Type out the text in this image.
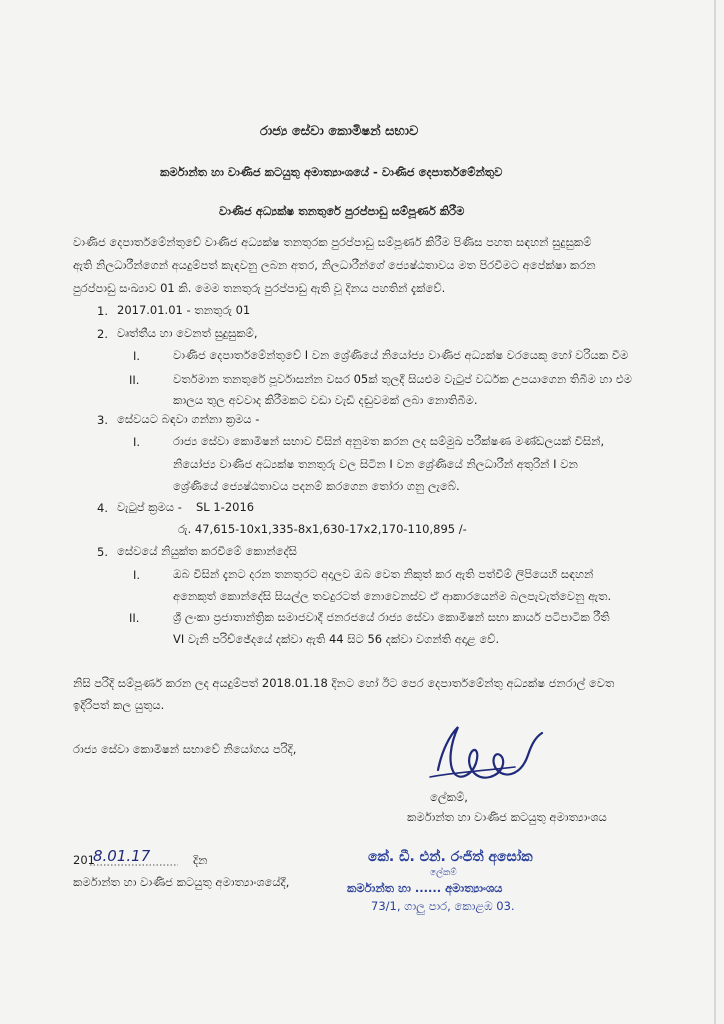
රාජ්‍ය සේවා කොමිෂන් සභාව
කර්මාන්ත හා වාණිජ කටයුතු අමාත්‍යාංශයේ - වාණිජ දෙපාර්තමේන්තුව
වාණිජ අධ්‍යක්ෂ තනතුරේ පුරප්පාඩු සම්පූර්ණ කිරීම
වාණිජ දෙපාර්තමේන්තුවේ වාණිජ අධ්‍යක්ෂ තනතුරක පුරප්පාඩු සම්පූර්ණ කිරීම පිණිස පහත සඳහන් සුදුසුකම්
ඇති නිලධාරීන්ගෙන් අයදුම්පත් කැඳවනු ලබන අතර, නිලධාරීන්ගේ ජ්‍යෙෂ්ඨතාවය මත පිරවීමට අපේක්ෂා කරන
පුරප්පාඩු සංඛ්‍යාව 01 කි. මෙම තනතුරු පුරප්පාඩු ඇති වූ දිනය පහතින් දැක්වේ.
1. 2017.01.01 - තනතුරු 01
2. වෘත්තීය හා වෙනත් සුදුසුකම්,
I.	වාණිජ දෙපාර්තමේන්තුවේ I වන ශ්‍රේණියේ නියෝජ්‍ය වාණිජ අධ්‍යක්ෂ වරයෙකු හෝ වරියක වීම
II.	වර්තමාන තනතුරේ පූර්වාසන්න වසර 05ක් තුලදී සියළුම වැටුප් වර්ධක උපයාගෙන තිබීම හා එම
කාලය තුල අවවාද කිරීමකට වඩා වැඩි දඬුවමක් ලබා නොතිබීම.
3. සේවයට බඳවා ගන්නා ක්‍රමය -
I.	රාජ්‍ය සේවා කොමිෂන් සභාව විසින් අනුමත කරන ලද සම්මුඛ පරීක්ෂණ මණ්ඩලයක් විසින්,
නියෝජ්‍ය වාණිජ අධ්‍යක්ෂ තනතුරු වල සිටින I වන ශ්‍රේණියේ නිලධාරීන් අතුරින් I වන
ශ්‍රේණියේ ජ්‍යෙෂ්ඨතාවය පදනම් කරගෙන තෝරා ගනු ලැබේ.
4. වැටුප් ක්‍රමය - SL 1-2016
රු. 47,615-10x1,335-8x1,630-17x2,170-110,895 /-
5. සේවයේ නියුක්ත කරවීමේ කොන්දේසි
I.	ඔබ විසින් දැනට දරන තනතුරට අදාලව ඔබ වෙත නිකුත් කර ඇති පත්වීම් ලිපියෙහි සඳහන්
අනෙකුත් කොන්දේසි සියල්ල තවදුරටත් නොවෙනස්ව ඒ ආකාරයෙන්ම බලපැවැත්වෙනු ඇත.
II.	ශ්‍රී ලංකා ප්‍රජාතාන්ත්‍රික සමාජවාදී ජනරජයේ රාජ්‍ය සේවා කොමිෂන් සභා කාර්ය පටිපාටික රීති
VI වැනි පරිච්ඡේදයේ දක්වා ඇති 44 සිට 56 දක්වා වගන්ති අදාළ වේ.
නිසි පරිදි සම්පූර්ණ කරන ලද අයදුම්පත් 2018.01.18 දිනට හෝ ඊට පෙර දෙපාර්තමේන්තු අධ්‍යක්ෂ ජනරාල් වෙත
ඉදිරිපත් කල යුතුය.
රාජ්‍ය සේවා කොමිෂන් සභාවේ නියෝගය පරිදි,
ලේකම්,
කර්මාන්ත හා වාණිජ කටයුතු අමාත්‍යාංශය
201
8.01.17	දින
කර්මාන්ත හා වාණිජ කටයුතු අමාත්‍යාංශයේදී,
කේ. ඩී. එන්. රංජිත් අසෝක
ලේකම්
කර්මාන්ත හා ...... අමාත්‍යාංශය
73/1, ගාලු පාර, කොළඹ 03.
